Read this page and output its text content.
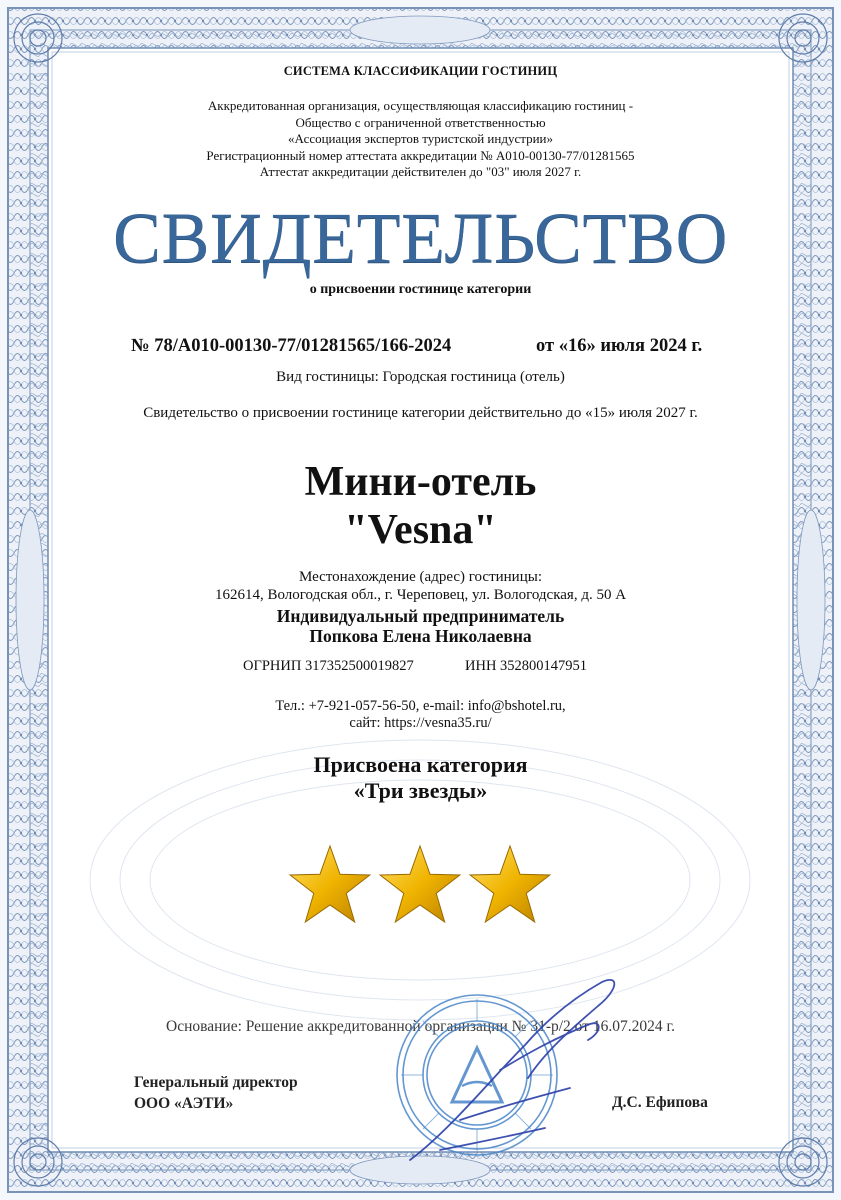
СИСТЕМА КЛАССИФИКАЦИИ ГОСТИНИЦ
Аккредитованная организация, осуществляющая классификацию гостиниц -
Общество с ограниченной ответственностью
«Ассоциация экспертов туристской индустрии»
Регистрационный номер аттестата аккредитации № A010-00130-77/01281565
Аттестат аккредитации действителен до "03" июля 2027 г.
СВИДЕТЕЛЬСТВО
о присвоении гостинице категории
№ 78/A010-00130-77/01281565/166-2024	от «16» июля 2024 г.
Вид гостиницы: Городская гостиница (отель)
Свидетельство о присвоении гостинице категории действительно до «15» июля 2027 г.
Мини-отель
"Vesna"
Местонахождение (адрес) гостиницы:
162614, Вологодская обл., г. Череповец, ул. Вологодская, д. 50 А
Индивидуальный предприниматель
Попкова Елена Николаевна
ОГРНИП 317352500019827	ИНН 352800147951
Тел.: +7-921-057-56-50, e-mail: info@bshotel.ru,
сайт: https://vesna35.ru/
Присвоена категория
«Три звезды»
Основание: Решение аккредитованной организации № 31-р/2 от 16.07.2024 г.
Генеральный директор
ООО «АЭТИ»	Д.С. Ефипова
